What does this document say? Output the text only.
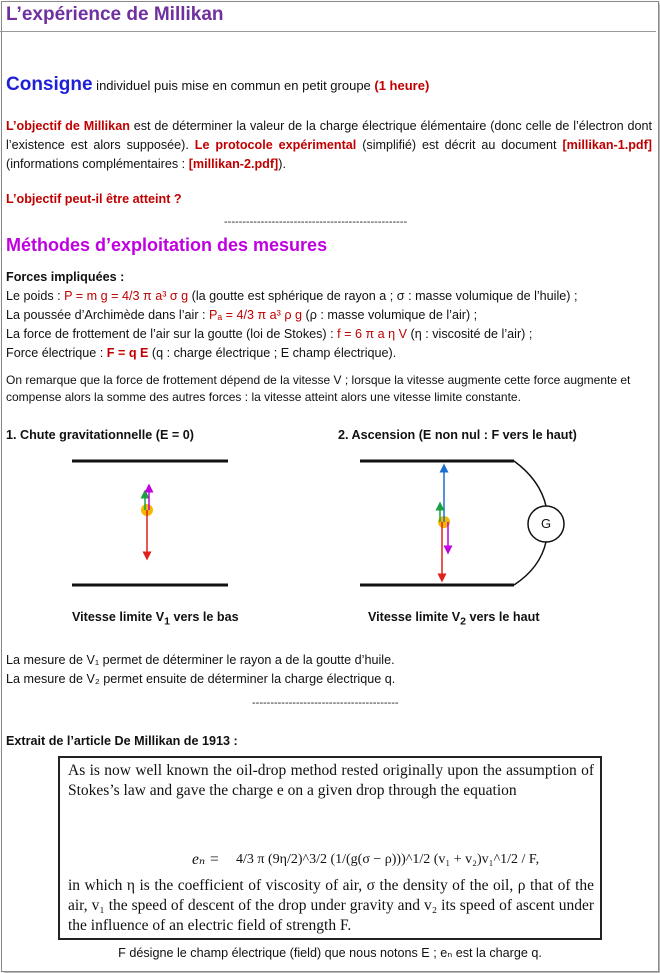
L’expérience de Millikan
Consigne individuel puis mise en commun en petit groupe (1 heure)
L’objectif de Millikan est de déterminer la valeur de la charge électrique élémentaire (donc celle de l’électron dont l’existence est alors supposée). Le protocole expérimental (simplifié) est décrit au document [millikan-1.pdf] (informations complémentaires : [millikan-2.pdf]).
L’objectif peut-il être atteint ?
--------------------------------------------------
Méthodes d’exploitation des mesures
Forces impliquées :
Le poids : P = m g = 4/3 π a³ σ g (la goutte est sphérique de rayon a ; σ : masse volumique de l’huile) ;
La poussée d’Archimède dans l’air : Pₐ = 4/3 π a³ ρ g (ρ : masse volumique de l’air) ;
La force de frottement de l’air sur la goutte (loi de Stokes) : f = 6 π a η V (η : viscosité de l’air) ;
Force électrique : F = q E (q : charge électrique ; E champ électrique).
On remarque que la force de frottement dépend de la vitesse V ; lorsque la vitesse augmente cette force augmente et compense alors la somme des autres forces : la vitesse atteint alors une vitesse limite constante.
1. Chute gravitationnelle (E = 0)	2. Ascension (E non nul : F vers le haut)
G
Vitesse limite $V_1$ vers le bas	Vitesse limite $V_2$ vers le haut
La mesure de V₁ permet de déterminer le rayon a de la goutte d’huile.
La mesure de V₂ permet ensuite de déterminer la charge électrique q.
----------------------------------------
Extrait de l’article De Millikan de 1913 :
As is now well known the oil-drop method rested originally upon the assumption of Stokes’s law and gave the charge e on a given drop through the equation
eₙ = 4/3 π (9η/2)^3/2 (1/(g(σ − ρ)))^1/2 (v₁ + v₂)v₁^1/2 / F,
in which η is the coefficient of viscosity of air, σ the density of the oil, ρ that of the air, v₁ the speed of descent of the drop under gravity and v₂ its speed of ascent under the influence of an electric field of strength F.
F désigne le champ électrique (field) que nous notons E ; eₙ est la charge q.
